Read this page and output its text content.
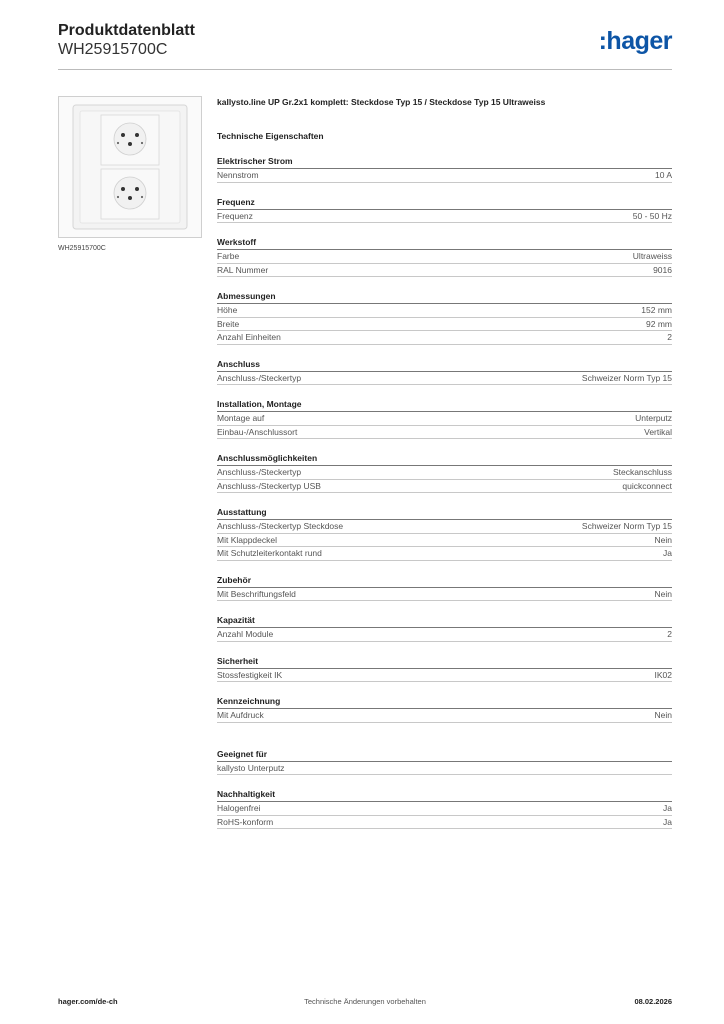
Produktdatenblatt
WH25915700C	:hager
WH25915700C
kallysto.line UP Gr.2x1 komplett: Steckdose Typ 15 / Steckdose Typ 15 Ultraweiss
Technische Eigenschaften
Elektrischer Strom
Nennstrom	10 A
Frequenz
Frequenz	50 - 50 Hz
Werkstoff
Farbe	Ultraweiss
RAL Nummer	9016
Abmessungen
Höhe	152 mm
Breite	92 mm
Anzahl Einheiten	2
Anschluss
Anschluss-/Steckertyp	Schweizer Norm Typ 15
Installation, Montage
Montage auf	Unterputz
Einbau-/Anschlussort	Vertikal
Anschlussmöglichkeiten
Anschluss-/Steckertyp	Steckanschluss
Anschluss-/Steckertyp USB	quickconnect
Ausstattung
Anschluss-/Steckertyp Steckdose	Schweizer Norm Typ 15
Mit Klappdeckel	Nein
Mit Schutzleiterkontakt rund	Ja
Zubehör
Mit Beschriftungsfeld	Nein
Kapazität
Anzahl Module	2
Sicherheit
Stossfestigkeit IK	IK02
Kennzeichnung
Mit Aufdruck	Nein
Geeignet für
kallysto Unterputz
Nachhaltigkeit
Halogenfrei	Ja
RoHS-konform	Ja
hager.com/de-ch	Technische Änderungen vorbehalten	08.02.2026
